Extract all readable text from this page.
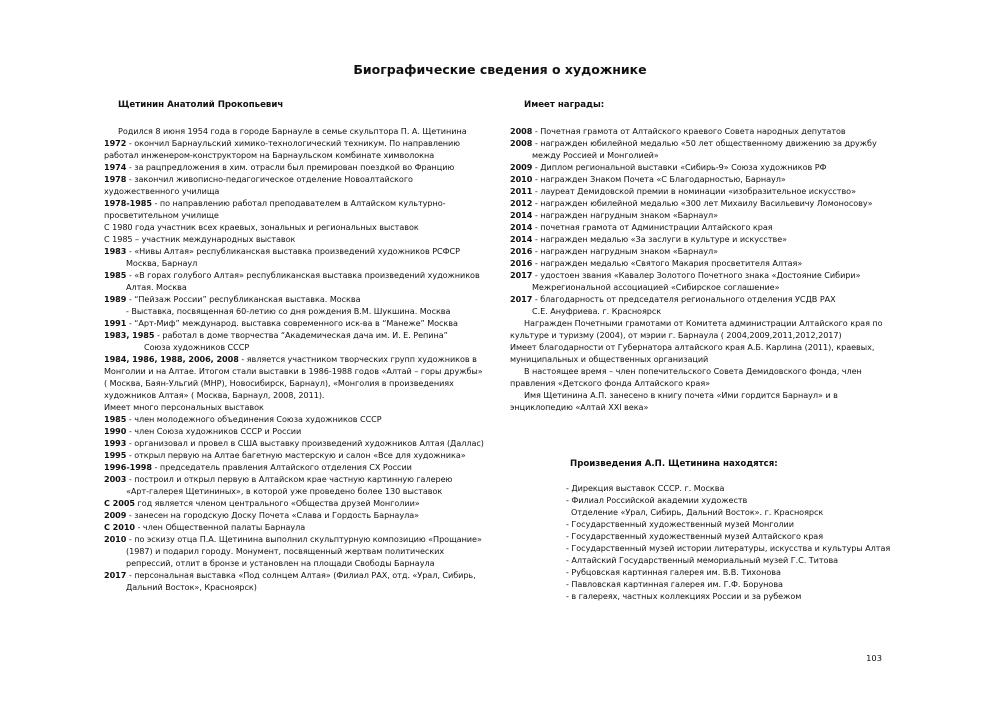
Биографические сведения о художнике
Щетинин Анатолий Прокопьевич
Родился 8 июня 1954 года в городе Барнауле в семье скульптора П. А. Щетинина
1972 - окончил Барнаульский химико-технологический техникум. По направлению
работал инженером-конструктором на Барнаульском комбинате химволокна
1974 - за рацпредложения в хим. отрасли был премирован поездкой во Францию
1978 - закончил живописно-педагогическое отделение Новоалтайского
художественного училища
1978-1985 - по направлению работал преподавателем в Алтайском культурно-
просветительном училище
С 1980 года участник всех краевых, зональных и региональных выставок
С 1985 – участник международных выставок
1983 - «Нивы Алтая» республиканская выставка произведений художников РСФСР
Москва, Барнаул
1985 - «В горах голубого Алтая» республиканская выставка произведений художников
Алтая. Москва
1989 - “Пейзаж России” республиканская выставка. Москва
- Выставка, посвященная 60-летию со дня рождения В.М. Шукшина. Москва
1991 - “Арт-Миф” международ. выставка современного иск-ва в “Манеже” Москва
1983, 1985 - работал в доме творчества “Академическая дача им. И. Е. Репина”
Союза художников СССР
1984, 1986, 1988, 2006, 2008 - является участником творческих групп художников в
Монголии и на Алтае. Итогом стали выставки в 1986-1988 годов «Алтай – горы дружбы»
( Москва, Баян-Ульгий (МНР), Новосибирск, Барнаул), «Монголия в произведениях
художников Алтая» ( Москва, Барнаул, 2008, 2011).
Имеет много персональных выставок
1985 - член молодежного объединения Союза художников СССР
1990 - член Союза художников СССР и России
1993 - организовал и провел в США выставку произведений художников Алтая (Даллас)
1995 - открыл первую на Алтае багетную мастерскую и салон «Все для художника»
1996-1998 - председатель правления Алтайского отделения СХ России
2003 - построил и открыл первую в Алтайском крае частную картинную галерею
«Арт-галерея Щетининых», в которой уже проведено более 130 выставок
С 2005 год является членом центрального «Общества друзей Монголии»
2009 - занесен на городскую Доску Почета «Слава и Гордость Барнаула»
С 2010 - член Общественной палаты Барнаула
2010 - по эскизу отца П.А. Щетинина выполнил скульптурную композицию «Прощание»
(1987) и подарил городу. Монумент, посвященный жертвам политических
репрессий, отлит в бронзе и установлен на площади Свободы Барнаула
2017 - персональная выставка «Под солнцем Алтая» (Филиал РАХ, отд. «Урал, Сибирь,
Дальний Восток», Красноярск)
Имеет награды:
2008 - Почетная грамота от Алтайского краевого Совета народных депутатов
2008 - награжден юбилейной медалью «50 лет общественному движению за дружбу
между Россией и Монголией»
2009 - Диплом региональной выставки «Сибирь-9» Союза художников РФ
2010 - награжден Знаком Почета «С Благодарностью, Барнаул»
2011 - лауреат Демидовской премии в номинации «изобразительное искусство»
2012 - награжден юбилейной медалью «300 лет Михаилу Васильевичу Ломоносову»
2014 - награжден нагрудным знаком «Барнаул»
2014 - почетная грамота от Администрации Алтайского края
2014 - награжден медалью «За заслуги в культуре и искусстве»
2016 - награжден нагрудным знаком «Барнаул»
2016 - награжден медалью «Святого Макария просветителя Алтая»
2017 - удостоен звания «Кавалер Золотого Почетного знака «Достояние Сибири»
Межрегиональной ассоциацией «Сибирское соглашение»
2017 - благодарность от председателя регионального отделения УСДВ РАХ
С.Е. Ануфриева. г. Красноярск
Награжден Почетными грамотами от Комитета администрации Алтайского края по
культуре и туризму (2004), от мэрии г. Барнаула ( 2004,2009,2011,2012,2017)
Имеет благодарности от Губернатора алтайского края А.Б. Карлина (2011), краевых,
муниципальных и общественных организаций
В настоящее время – член попечительского Совета Демидовского фонда, член
правления «Детского фонда Алтайского края»
Имя Щетинина А.П. занесено в книгу почета «Ими гордится Барнаул» и в
энциклопедию «Алтай XXI века»
Произведения А.П. Щетинина находятся:
- Дирекция выставок СССР. г. Москва
- Филиал Российской академии художеств
Отделение «Урал, Сибирь, Дальний Восток». г. Красноярск
- Государственный художественный музей Монголии
- Государственный художественный музей Алтайского края
- Государственный музей истории литературы, искусства и культуры Алтая
- Алтайский Государственный мемориальный музей Г.С. Титова
- Рубцовская картинная галерея им. В.В. Тихонова
- Павловская картинная галерея им. Г.Ф. Борунова
- в галереях, частных коллекциях России и за рубежом
103
